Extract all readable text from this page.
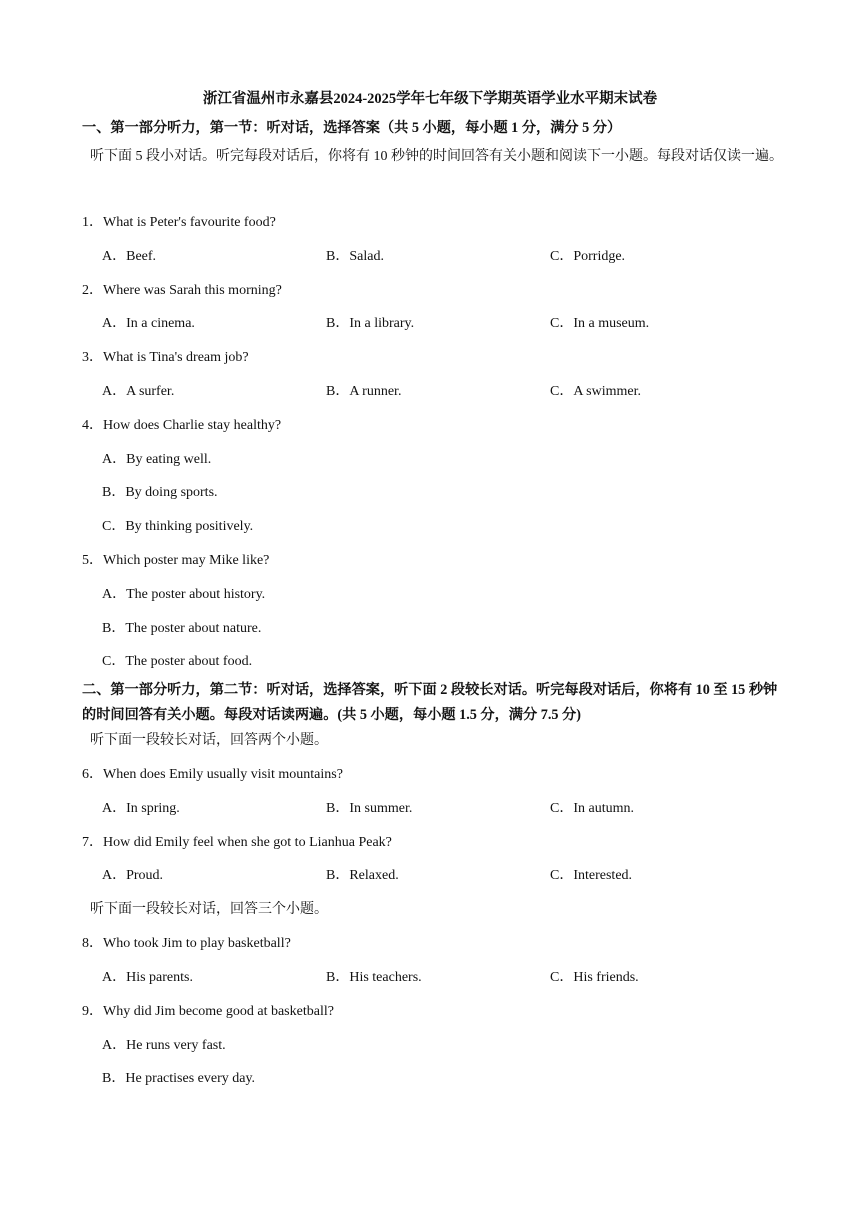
浙江省温州市永嘉县2024-2025学年七年级下学期英语学业水平期末试卷
一、第一部分听力，第一节：听对话，选择答案（共 5 小题，每小题 1 分，满分 5 分）
听下面 5 段小对话。听完每段对话后，你将有 10 秒钟的时间回答有关小题和阅读下一小题。每段对话仅读一遍。
1．What is Peter's favourite food?
A．Beef.	B．Salad.	C．Porridge.
2．Where was Sarah this morning?
A．In a cinema.	B．In a library.	C．In a museum.
3．What is Tina's dream job?
A．A surfer.	B．A runner.	C．A swimmer.
4．How does Charlie stay healthy?
A．By eating well.
B．By doing sports.
C．By thinking positively.
5．Which poster may Mike like?
A．The poster about history.
B．The poster about nature.
C．The poster about food.
二、第一部分听力，第二节：听对话，选择答案，听下面 2 段较长对话。听完每段对话后，你将有 10 至 15 秒钟的时间回答有关小题。每段对话读两遍。(共 5 小题，每小题 1.5 分，满分 7.5 分)
听下面一段较长对话，回答两个小题。
6．When does Emily usually visit mountains?
A．In spring.	B．In summer.	C．In autumn.
7．How did Emily feel when she got to Lianhua Peak?
A．Proud.	B．Relaxed.	C．Interested.
听下面一段较长对话，回答三个小题。
8．Who took Jim to play basketball?
A．His parents.	B．His teachers.	C．His friends.
9．Why did Jim become good at basketball?
A．He runs very fast.
B．He practises every day.
